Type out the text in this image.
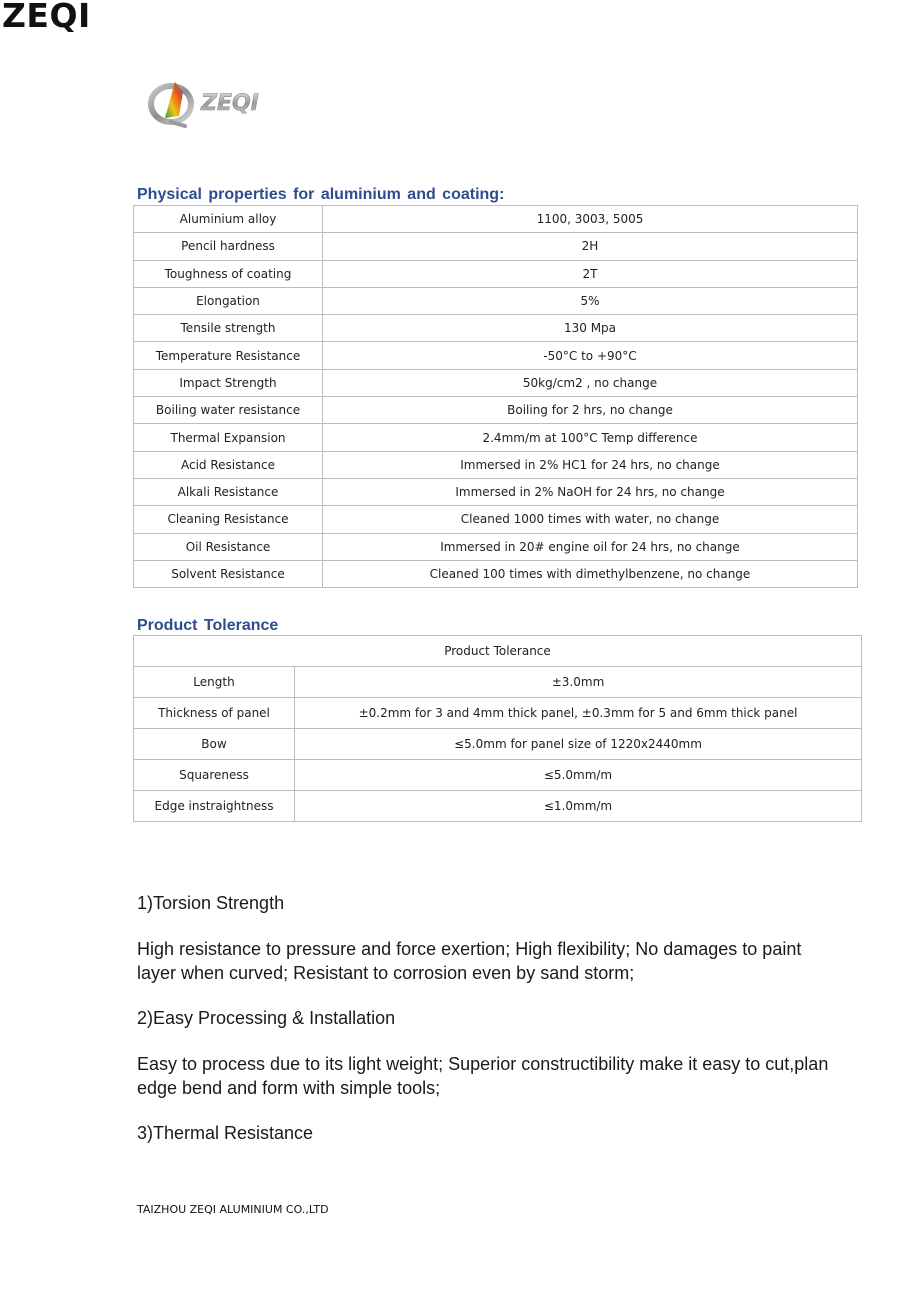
ZEQI
ZEQI
Physical properties for aluminium and coating:
Aluminium alloy	1100, 3003, 5005
Pencil hardness	2H
Toughness of coating	2T
Elongation	5%
Tensile strength	130 Mpa
Temperature Resistance	-50°C to +90°C
Impact Strength	50kg/cm2 , no change
Boiling water resistance	Boiling for 2 hrs, no change
Thermal Expansion	2.4mm/m at 100°C Temp difference
Acid Resistance	Immersed in 2% HC1 for 24 hrs, no change
Alkali Resistance	Immersed in 2% NaOH for 24 hrs, no change
Cleaning Resistance	Cleaned 1000 times with water, no change
Oil Resistance	Immersed in 20# engine oil for 24 hrs, no change
Solvent Resistance	Cleaned 100 times with dimethylbenzene, no change
Product Tolerance
Product Tolerance	
Length	±3.0mm
Thickness of panel	±0.2mm for 3 and 4mm thick panel, ±0.3mm for 5 and 6mm thick panel
Bow	≤5.0mm for panel size of 1220x2440mm
Squareness	≤5.0mm/m
Edge instraightness	≤1.0mm/m

1)Torsion Strength

High resistance to pressure and force exertion; High flexibility; No damages to paint layer when curved; Resistant to corrosion even by sand storm;

2)Easy Processing & Installation

Easy to process due to its light weight; Superior constructibility make it easy to cut,plan edge bend and form with simple tools;

3)Thermal Resistance

TAIZHOU ZEQI ALUMINIUM CO.,LTD
